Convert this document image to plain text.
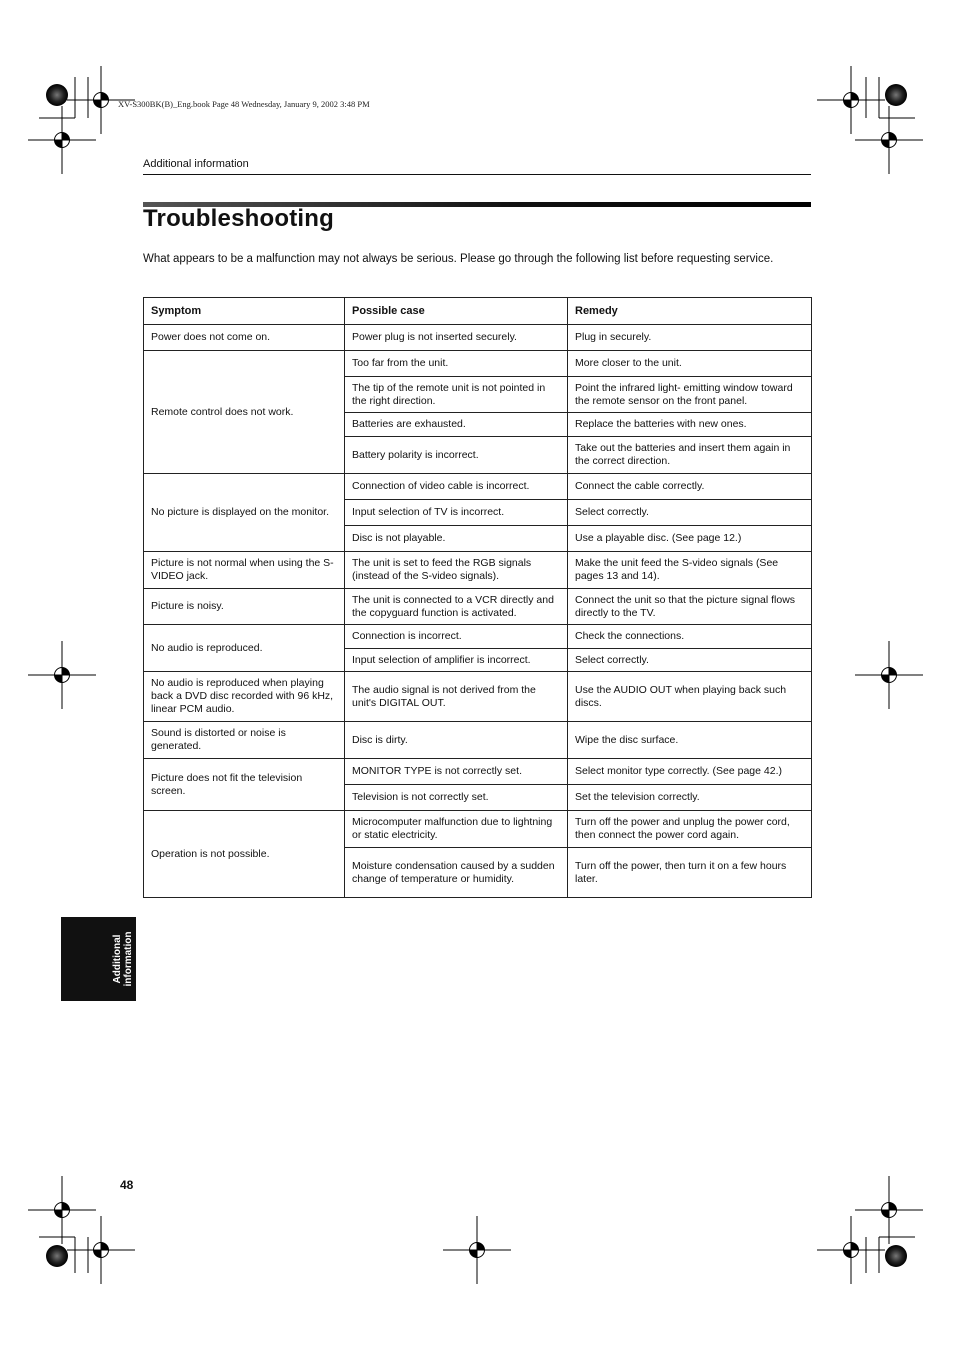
XV-S300BK(B)_Eng.book Page 48 Wednesday, January 9, 2002 3:48 PM
Additional information
Troubleshooting
What appears to be a malfunction may not always be serious. Please go through the following list before requesting service.
Symptom	Possible case	Remedy
Power does not come on.	Power plug is not inserted securely.	Plug in securely.
Remote control does not work.	Too far from the unit.	More closer to the unit.
	The tip of the remote unit is not pointed in the right direction.	Point the infrared light- emitting window toward the remote sensor on the front panel.
	Batteries are exhausted.	Replace the batteries with new ones.
	Battery polarity is incorrect.	Take out the batteries and insert them again in the correct direction.
No picture is displayed on the monitor.	Connection of video cable is incorrect.	Connect the cable correctly.
	Input selection of TV is incorrect.	Select correctly.
	Disc is not playable.	Use a playable disc. (See page 12.)
Picture is not normal when using the S-VIDEO jack.	The unit is set to feed the RGB signals (instead of the S-video signals).	Make the unit feed the S-video signals (See pages 13 and 14).
Picture is noisy.	The unit is connected to a VCR directly and the copyguard function is activated.	Connect the unit so that the picture signal flows directly to the TV.
No audio is reproduced.	Connection is incorrect.	Check the connections.
	Input selection of amplifier is incorrect.	Select correctly.
No audio is reproduced when playing back a DVD disc recorded with 96 kHz, linear PCM audio.	The audio signal is not derived from the unit's DIGITAL OUT.	Use the AUDIO OUT when playing back such discs.
Sound is distorted or noise is generated.	Disc is dirty.	Wipe the disc surface.
Picture does not fit the television screen.	MONITOR TYPE is not correctly set.	Select monitor type correctly. (See page 42.)
	Television is not correctly set.	Set the television correctly.
Operation is not possible.	Microcomputer malfunction due to lightning or static electricity.	Turn off the power and unplug the power cord, then connect the power cord again.
	Moisture condensation caused by a sudden change of temperature or humidity.	Turn off the power, then turn it on a few hours later.
Additional information
48
